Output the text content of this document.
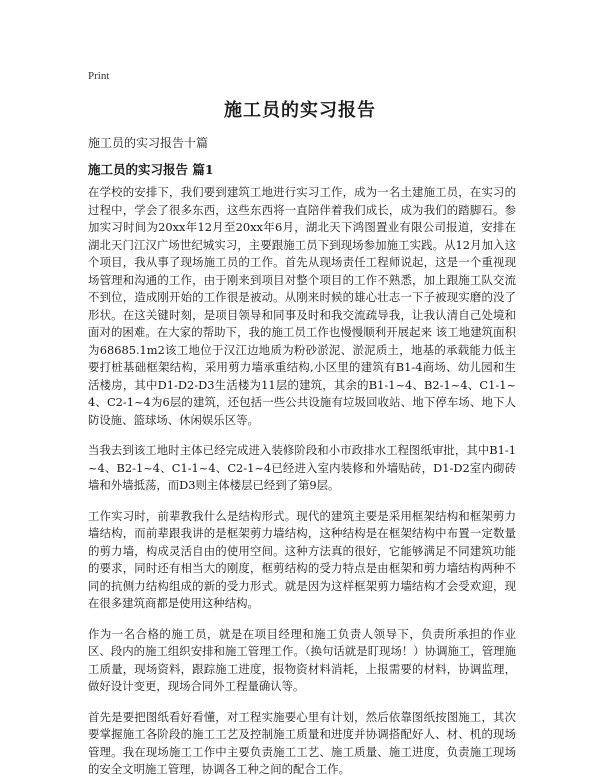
Print
施工员的实习报告
施工员的实习报告十篇
施工员的实习报告 篇1

在学校的安排下，我们要到建筑工地进行实习工作，成为一名土建施工员，在实习的过程中，学会了很多东西，这些东西将一直陪伴着我们成长，成为我们的踏脚石。参加实习时间为20xx年12月至20xx年6月，湖北天下鸿图置业有限公司报道，安排在湖北天门江汉广场世纪城实习，主要跟施工员下到现场参加施工实践。从12月加入这个项目，我从事了现场施工员的工作。首先从现场责任工程师说起，这是一个重视现场管理和沟通的工作，由于刚来到项目对整个项目的工作不熟悉，加上跟施工队交流不到位，造成刚开始的工作很是被动。从刚来时候的雄心壮志一下子被现实磨的没了形状。在这关键时刻，是项目领导和同事及时和我交流疏导我，让我认清自己处境和面对的困难。在大家的帮助下，我的施工员工作也慢慢顺利开展起来 该工地建筑面积为68685.1m2该工地位于汉江边地质为粉砂淤泥、淤泥质土，地基的承载能力低主要打桩基础框架结构，采用剪力墙承重结构,小区里的建筑有B1-4商场、幼儿园和生活楼房，其中D1-D2-D3生活楼为11层的建筑，其余的B1-1~4、B2-1~4、C1-1~4、C2-1~4为6层的建筑，还包括一些公共设施有垃圾回收站、地下停车场、地下人防设施、篮球场、休闲娱乐区等。

当我去到该工地时主体已经完成进入装修阶段和小市政排水工程图纸审批，其中B1-1~4、B2-1~4、C1-1~4、C2-1~4已经进入室内装修和外墙贴砖，D1-D2室内砌砖墙和外墙抵荡，而D3则主体楼层已经到了第9层。

工作实习时，前辈教我什么是结构形式。现代的建筑主要是采用框架结构和框架剪力墙结构，而前辈跟我讲的是框架剪力墙结构，这种结构是在框架结构中布置一定数量的剪力墙，构成灵活自由的使用空间。这种方法真的很好，它能够满足不同建筑功能的要求，同时还有相当大的刚度，框剪结构的受力特点是由框架和剪力墙结构两种不同的抗侧力结构组成的新的受力形式。就是因为这样框架剪力墙结构才会受欢迎，现在很多建筑商都是使用这种结构。

作为一名合格的施工员，就是在项目经理和施工负责人领导下，负责所承担的作业区、段内的施工组织安排和施工管理工作。（换句话就是盯现场！）协调施工，管理施工质量，现场资料，跟踪施工进度，报物资材料消耗，上报需要的材料，协调监理，做好设计变更，现场合同外工程量确认等。

首先是要把图纸看好看懂，对工程实施要心里有计划，然后依靠图纸按图施工，其次要掌握施工各阶段的施工工艺及控制施工质量和进度并协调搭配好人、材、机的现场管理。我在现场施工工作中主要负责施工工艺、施工质量、施工进度，负责施工现场的安全文明施工管理，协调各工种之间的配合工作。
